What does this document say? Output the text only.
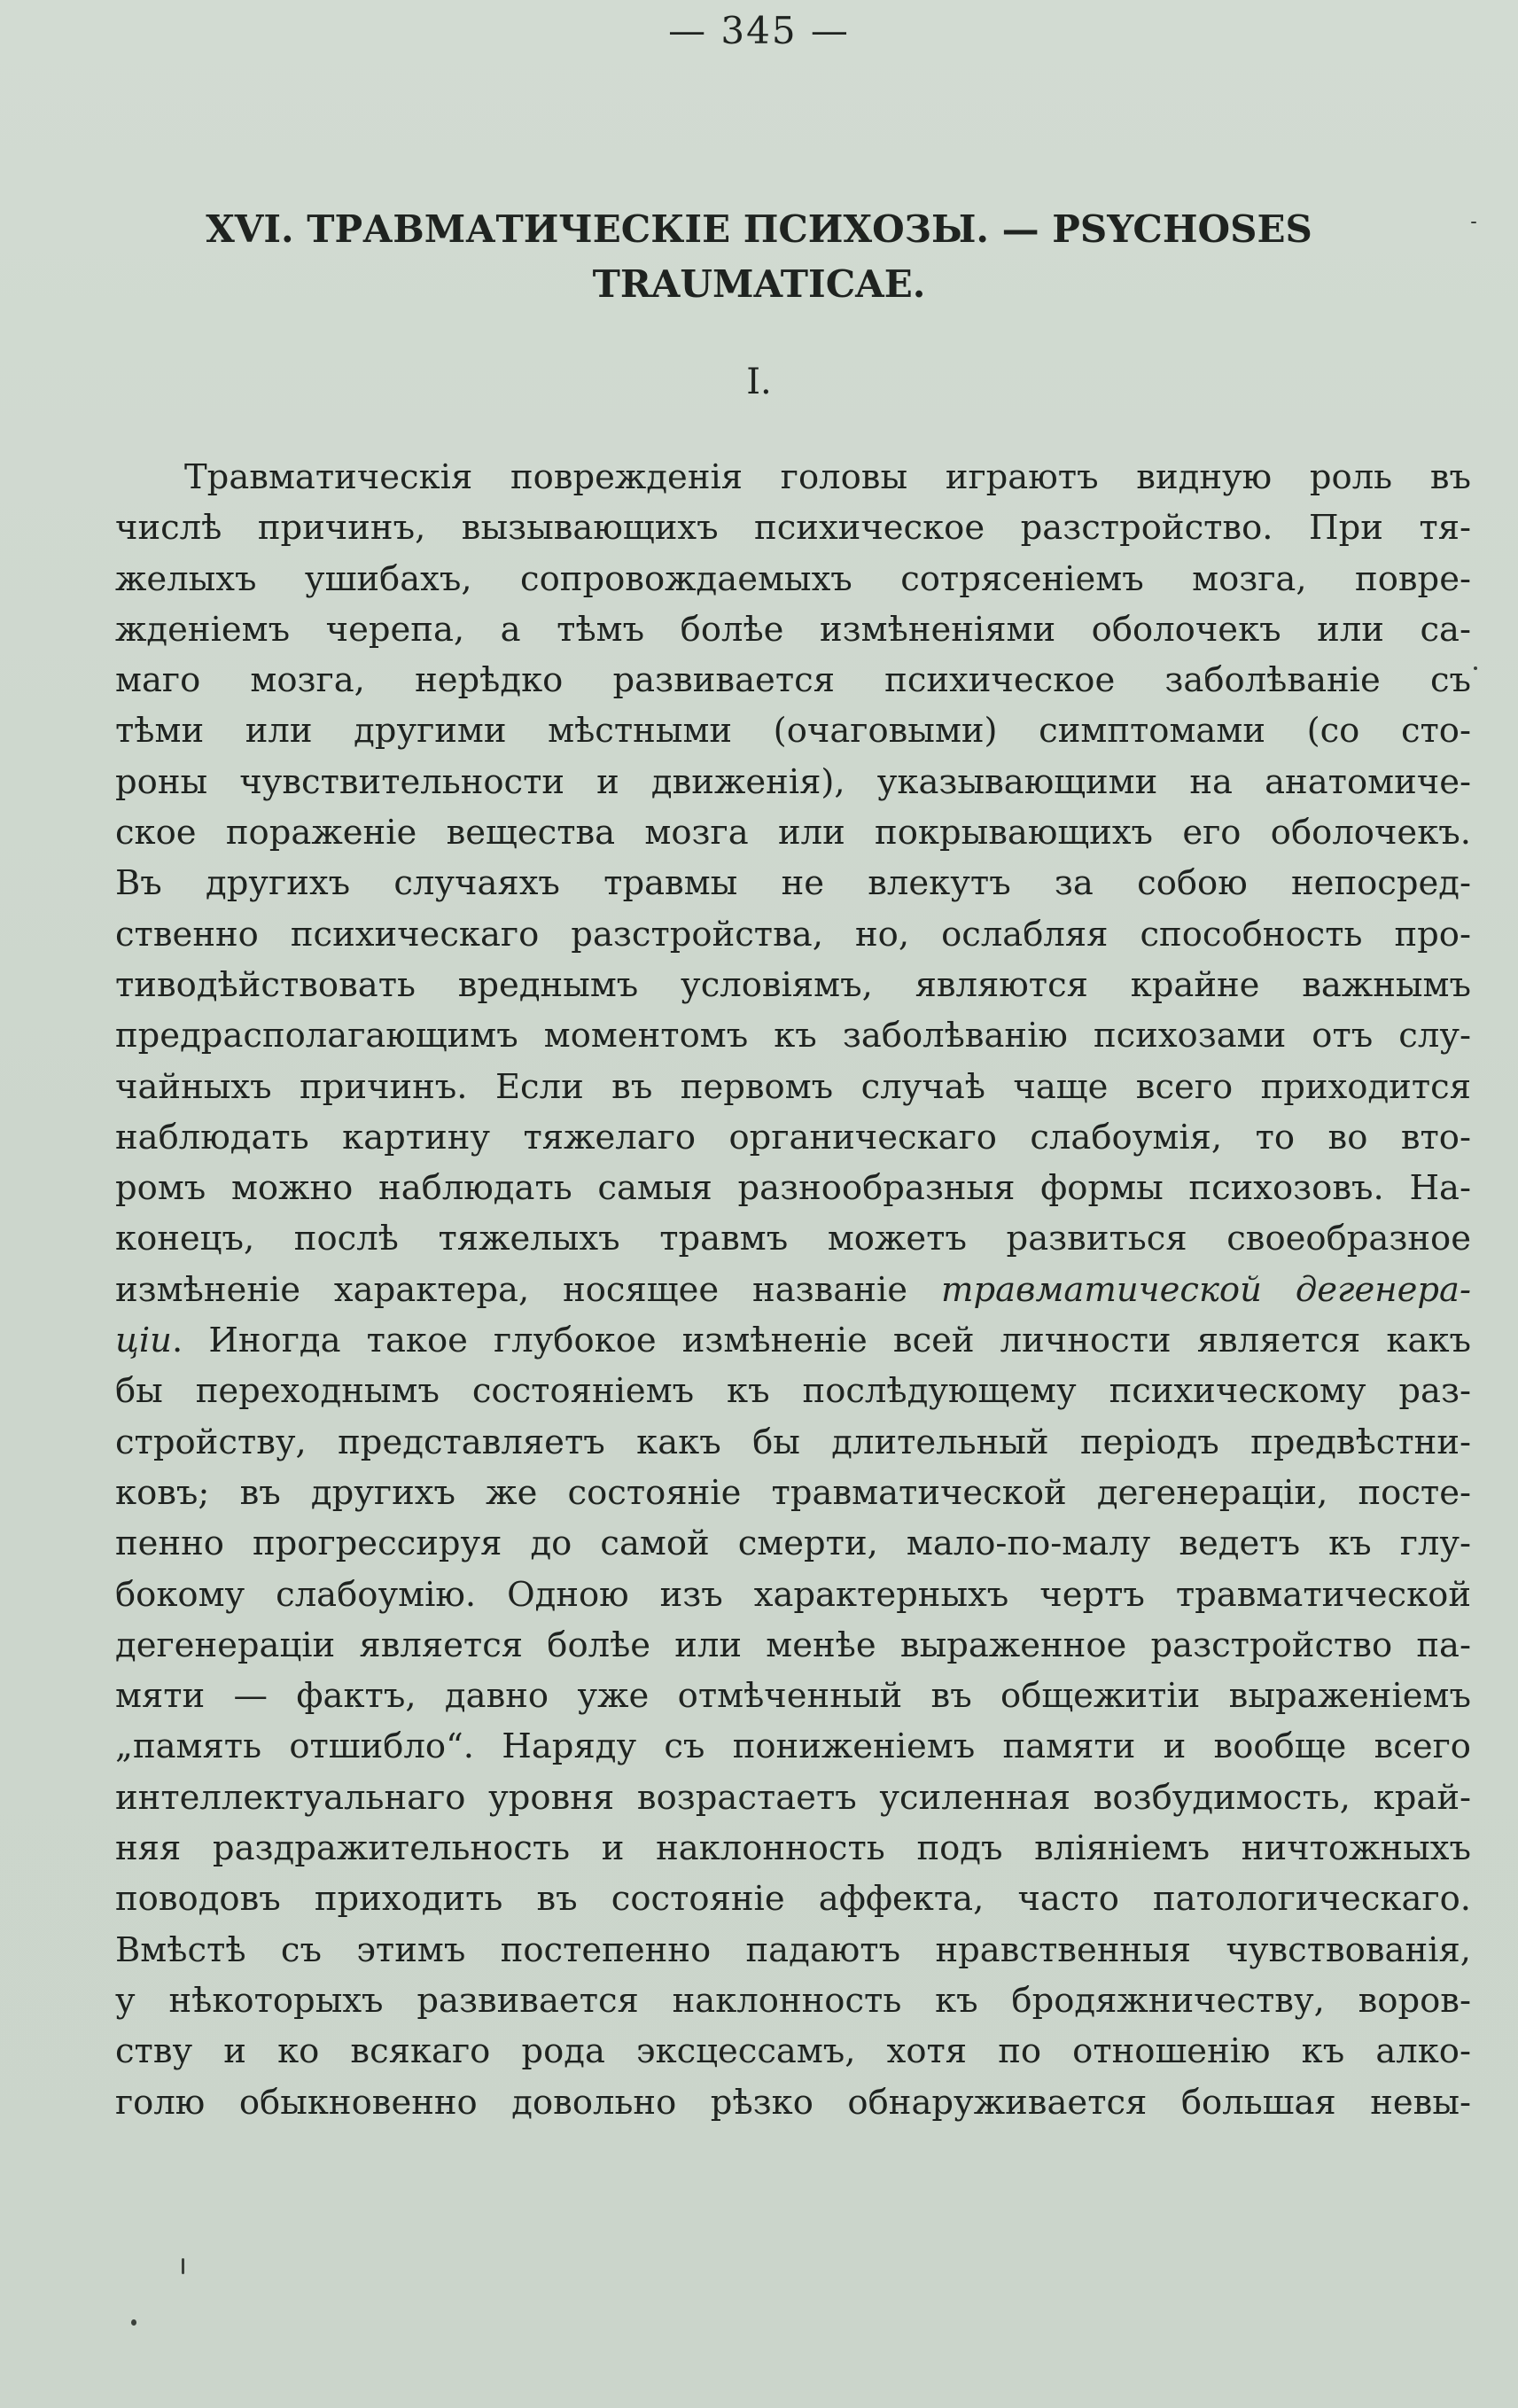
— 345 —
XVI. ТРАВМАТИЧЕСКІЕ ПСИХОЗЫ. — PSYCHOSES
TRAUMATICAE.
I.
Травматическія поврежденія головы играютъ видную роль въ
числѣ причинъ, вызывающихъ психическое разстройство. При тя-
желыхъ ушибахъ, сопровождаемыхъ сотрясеніемъ мозга, повре-
жденіемъ черепа, а тѣмъ болѣе измѣненіями оболочекъ или са-
маго мозга, нерѣдко развивается психическое заболѣваніе съ
тѣми или другими мѣстными (очаговыми) симптомами (со сто-
роны чувствительности и движенія), указывающими на анатомиче-
ское пораженіе вещества мозга или покрывающихъ его оболочекъ.
Въ другихъ случаяхъ травмы не влекутъ за собою непосред-
ственно психическаго разстройства, но, ослабляя способность про-
тиводѣйствовать вреднымъ условіямъ, являются крайне важнымъ
предрасполагающимъ моментомъ къ заболѣванію психозами отъ слу-
чайныхъ причинъ. Если въ первомъ случаѣ чаще всего приходится
наблюдать картину тяжелаго органическаго слабоумія, то во вто-
ромъ можно наблюдать самыя разнообразныя формы психозовъ. На-
конецъ, послѣ тяжелыхъ травмъ можетъ развиться своеобразное
измѣненіе характера, носящее названіе травматической дегенера-
ціи. Иногда такое глубокое измѣненіе всей личности является какъ
бы переходнымъ состояніемъ къ послѣдующему психическому раз-
стройству, представляетъ какъ бы длительный періодъ предвѣстни-
ковъ; въ другихъ же состояніе травматической дегенераціи, посте-
пенно прогрессируя до самой смерти, мало-по-малу ведетъ къ глу-
бокому слабоумію. Одною изъ характерныхъ чертъ травматической
дегенераціи является болѣе или менѣе выраженное разстройство па-
мяти — фактъ, давно уже отмѣченный въ общежитіи выраженіемъ
„память отшибло“. Наряду съ пониженіемъ памяти и вообще всего
интеллектуальнаго уровня возрастаетъ усиленная возбудимость, край-
няя раздражительность и наклонность подъ вліяніемъ ничтожныхъ
поводовъ приходить въ состояніе аффекта, часто патологическаго.
Вмѣстѣ съ этимъ постепенно падаютъ нравственныя чувствованія,
у нѣкоторыхъ развивается наклонность къ бродяжничеству, воров-
ству и ко всякаго рода эксцессамъ, хотя по отношенію къ алко-
голю обыкновенно довольно рѣзко обнаруживается большая невы-
